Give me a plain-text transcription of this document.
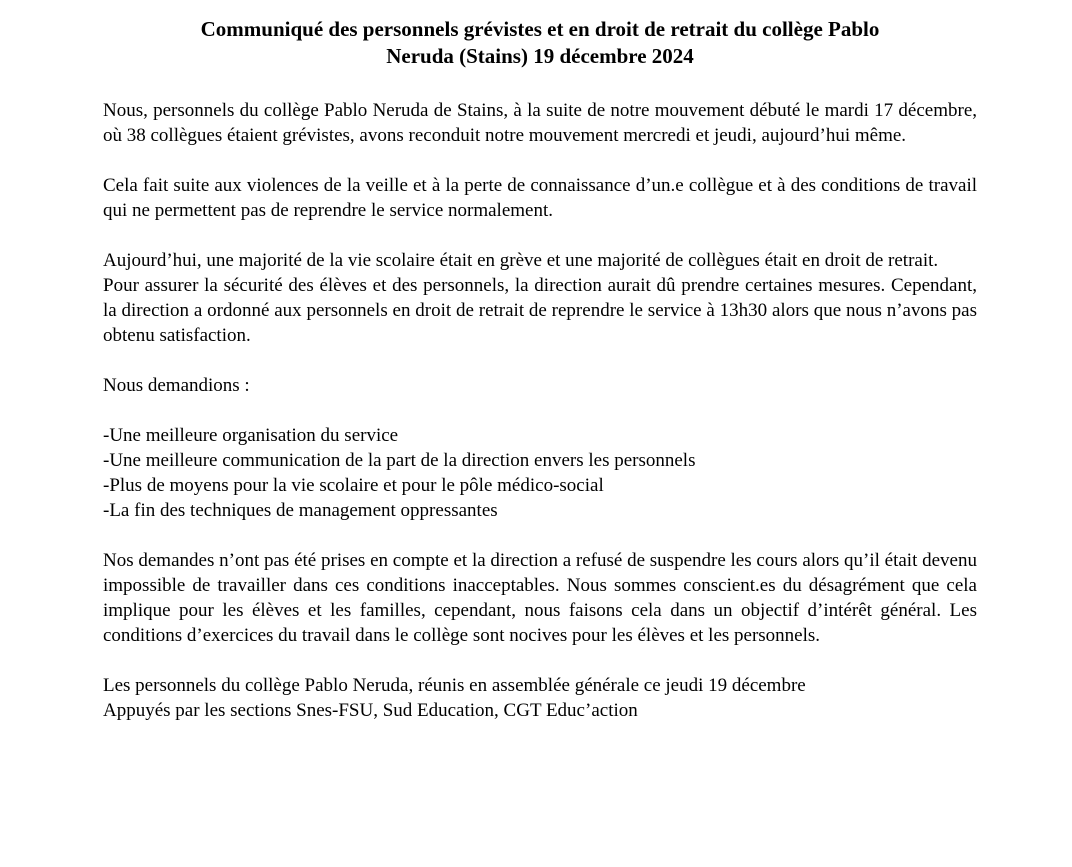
Communiqué des personnels grévistes et en droit de retrait du collège Pablo
Neruda (Stains) 19 décembre 2024

Nous, personnels du collège Pablo Neruda de Stains, à la suite de notre mouvement débuté le mardi 17 décembre, où 38 collègues étaient grévistes, avons reconduit notre mouvement mercredi et jeudi, aujourd’hui même.

Cela fait suite aux violences de la veille et à la perte de connaissance d’un.e collègue et à des conditions de travail qui ne permettent pas de reprendre le service normalement.

Aujourd’hui, une majorité de la vie scolaire était en grève et une majorité de collègues était en droit de retrait.

Pour assurer la sécurité des élèves et des personnels, la direction aurait dû prendre certaines mesures. Cependant, la direction a ordonné aux personnels en droit de retrait de reprendre le service à 13h30 alors que nous n’avons pas obtenu satisfaction.

Nous demandions :

-Une meilleure organisation du service
-Une meilleure communication de la part de la direction envers les personnels
-Plus de moyens pour la vie scolaire et pour le pôle médico-social
-La fin des techniques de management oppressantes

Nos demandes n’ont pas été prises en compte et la direction a refusé de suspendre les cours alors qu’il était devenu impossible de travailler dans ces conditions inacceptables. Nous sommes conscient.es du désagrément que cela implique pour les élèves et les familles, cependant, nous faisons cela dans un objectif d’intérêt général. Les conditions d’exercices du travail dans le collège sont nocives pour les élèves et les personnels.

Les personnels du collège Pablo Neruda, réunis en assemblée générale ce jeudi 19 décembre

Appuyés par les sections Snes-FSU, Sud Education, CGT Educ’action
